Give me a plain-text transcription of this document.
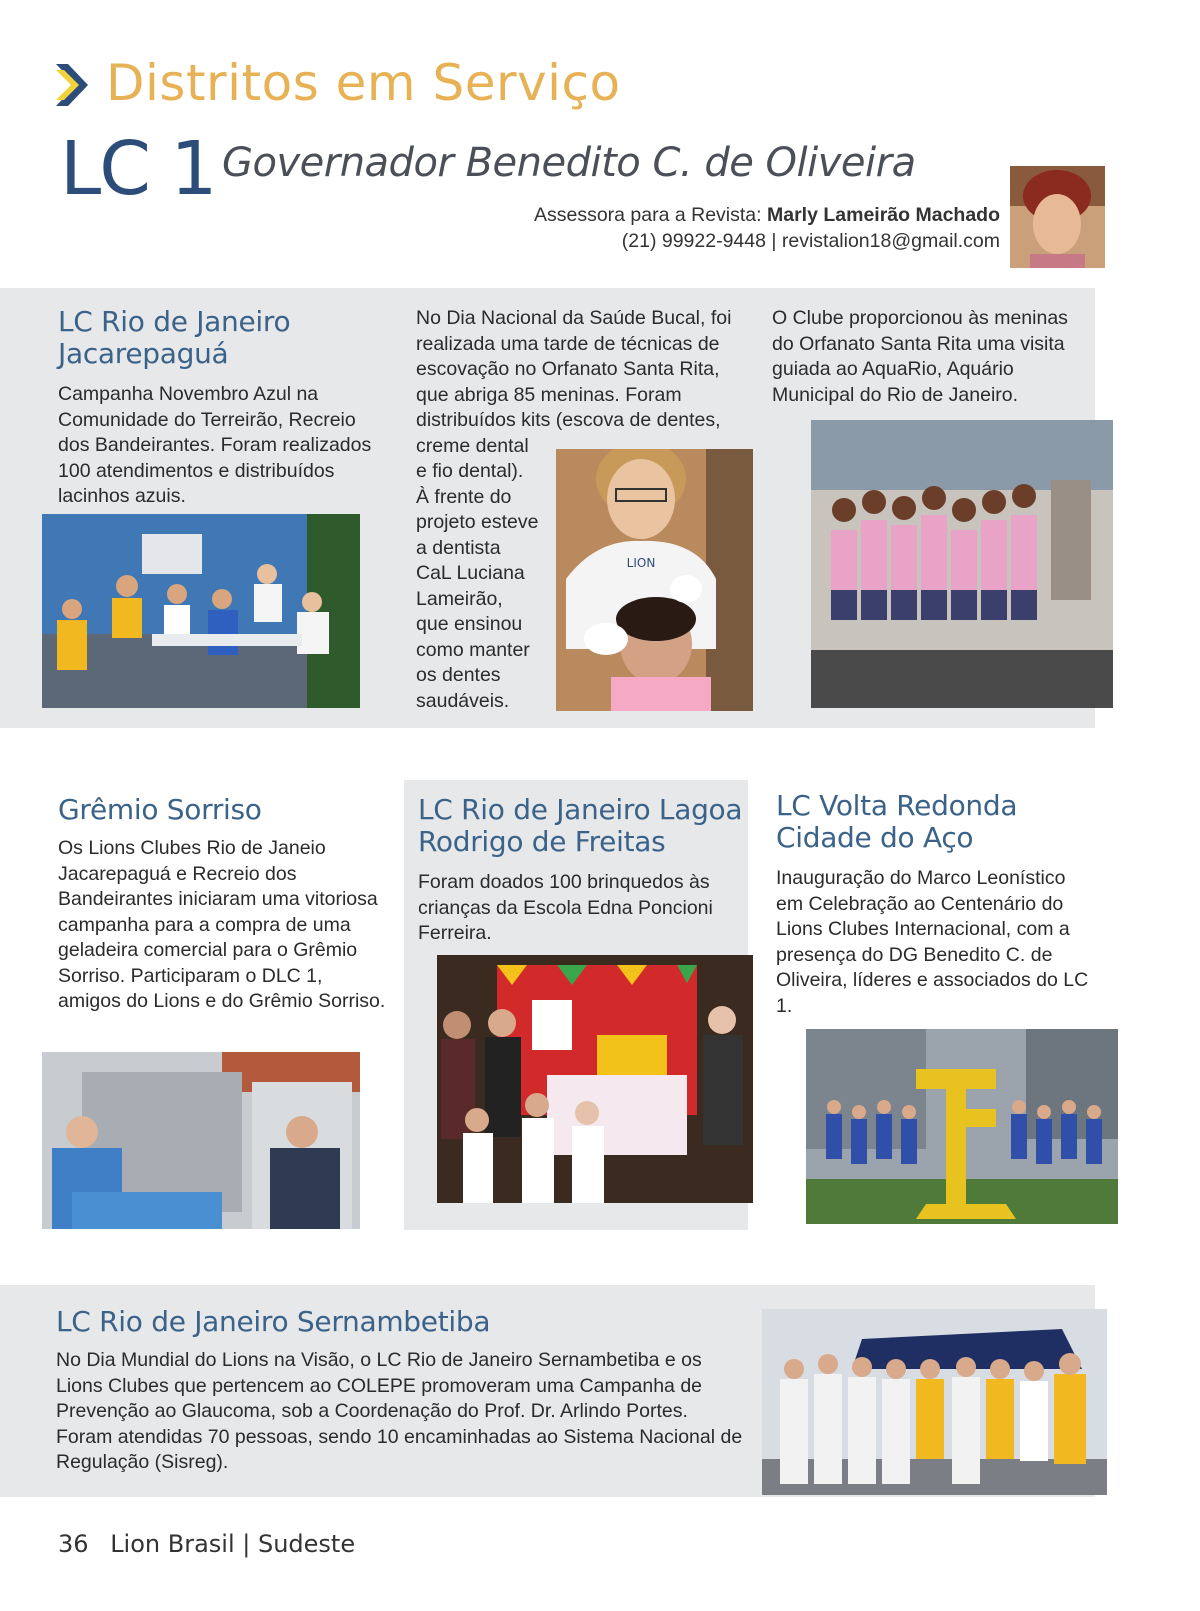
Distritos em Serviço
LC 1 Governador Benedito C. de Oliveira
Assessora para a Revista: Marly Lameirão Machado
(21) 99922-9448 | revistalion18@gmail.com
LC Rio de Janeiro
Jacarepaguá

Campanha Novembro Azul na Comunidade do Terreirão, Recreio dos Bandeirantes. Foram realizados 100 atendimentos e distribuídos lacinhos azuis.

No Dia Nacional da Saúde Bucal, foi realizada uma tarde de técnicas de escovação no Orfanato Santa Rita, que abriga 85 meninas. Foram distribuídos kits (escova de dentes,

creme dental

e fio dental).

À frente do

projeto esteve

a dentista

CaL Luciana

Lameirão,

que ensinou

como manter

os dentes

saudáveis.

LION

O Clube proporcionou às meninas do Orfanato Santa Rita uma visita guiada ao AquaRio, Aquário Municipal do Rio de Janeiro.

Grêmio Sorriso

Os Lions Clubes Rio de Janeio Jacarepaguá e Recreio dos Bandeirantes iniciaram uma vitoriosa campanha para a compra de uma geladeira comercial para o Grêmio Sorriso. Participaram o DLC 1, amigos do Lions e do Grêmio Sorriso.

LC Rio de Janeiro Lagoa
Rodrigo de Freitas

Foram doados 100 brinquedos às crianças da Escola Edna Poncioni Ferreira.

LC Volta Redonda
Cidade do Aço

Inauguração do Marco Leonístico em Celebração ao Centenário do Lions Clubes Internacional, com a presença do DG Benedito C. de Oliveira, líderes e associados do LC 1.

LC Rio de Janeiro Sernambetiba

No Dia Mundial do Lions na Visão, o LC Rio de Janeiro Sernambetiba e os Lions Clubes que pertencem ao COLEPE promoveram uma Campanha de Prevenção ao Glaucoma, sob a Coordenação do Prof. Dr. Arlindo Portes. Foram atendidas 70 pessoas, sendo 10 encaminhadas ao Sistema Nacional de Regulação (Sisreg).

36 Lion Brasil | Sudeste
